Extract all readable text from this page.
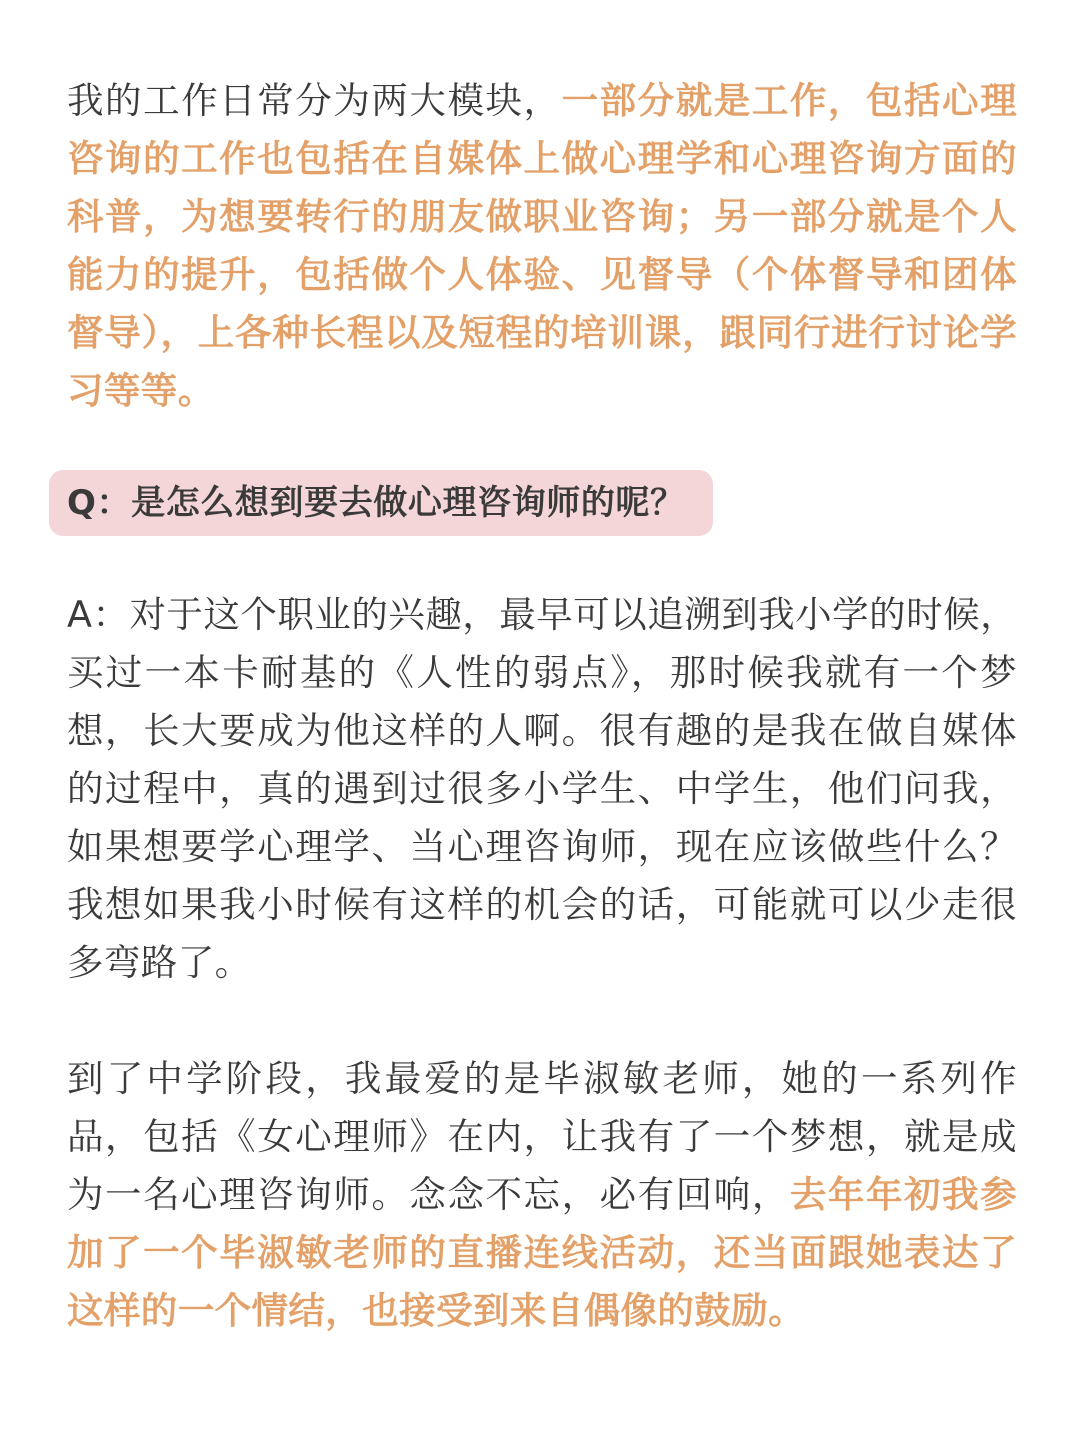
我的工作日常分为两大模块，一部分就是工作，包括心理咨询的工作也包括在自媒体上做心理学和心理咨询方面的科普，为想要转行的朋友做职业咨询；另一部分就是个人能力的提升，包括做个人体验、见督导（个体督导和团体督导），上各种长程以及短程的培训课，跟同行进行讨论学习等等。

Q：是怎么想到要去做心理咨询师的呢？

A：对于这个职业的兴趣，最早可以追溯到我小学的时候，买过一本卡耐基的《人性的弱点》，那时候我就有一个梦想，长大要成为他这样的人啊。很有趣的是我在做自媒体的过程中，真的遇到过很多小学生、中学生，他们问我，如果想要学心理学、当心理咨询师，现在应该做些什么？我想如果我小时候有这样的机会的话，可能就可以少走很多弯路了。

到了中学阶段，我最爱的是毕淑敏老师，她的一系列作品，包括《女心理师》在内，让我有了一个梦想，就是成为一名心理咨询师。念念不忘，必有回响，去年年初我参加了一个毕淑敏老师的直播连线活动，还当面跟她表达了这样的一个情结，也接受到来自偶像的鼓励。
